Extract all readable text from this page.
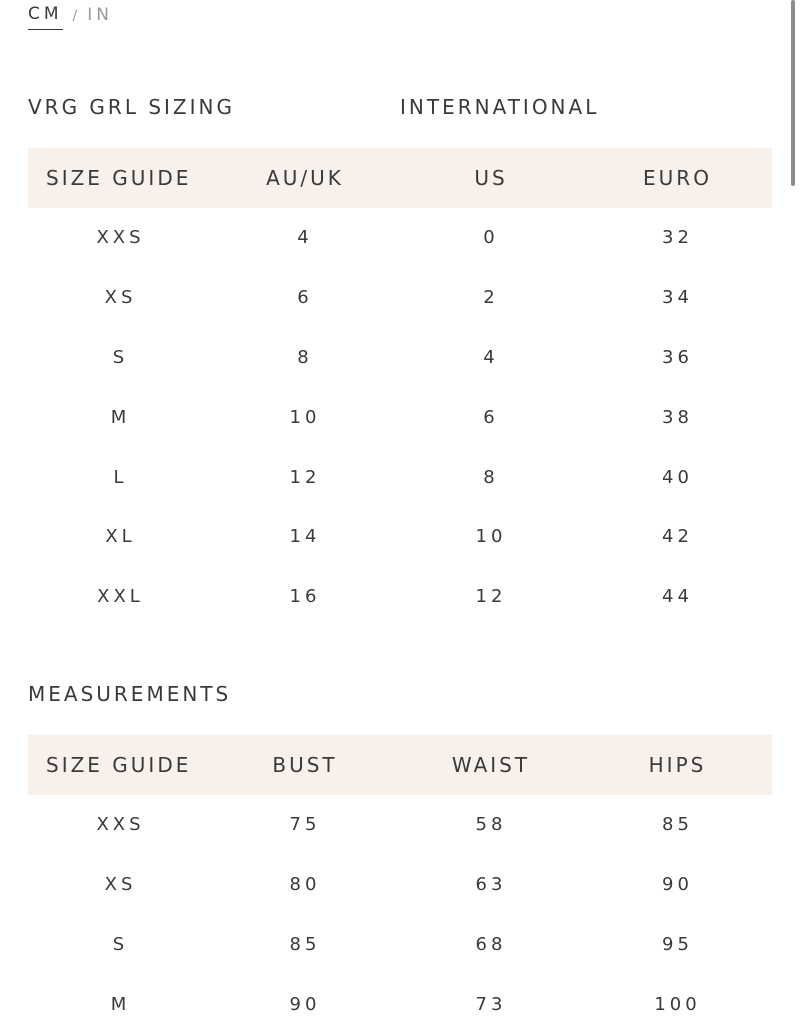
CM / IN
VRG GRL SIZING	INTERNATIONAL
SIZE GUIDE	AU/UK	US	EURO
XXS	4	0	32
XS	6	2	34
S	8	4	36
M	10	6	38
L	12	8	40
XL	14	10	42
XXL	16	12	44
MEASUREMENTS
SIZE GUIDE	BUST	WAIST	HIPS
XXS	75	58	85
XS	80	63	90
S	85	68	95
M	90	73	100
